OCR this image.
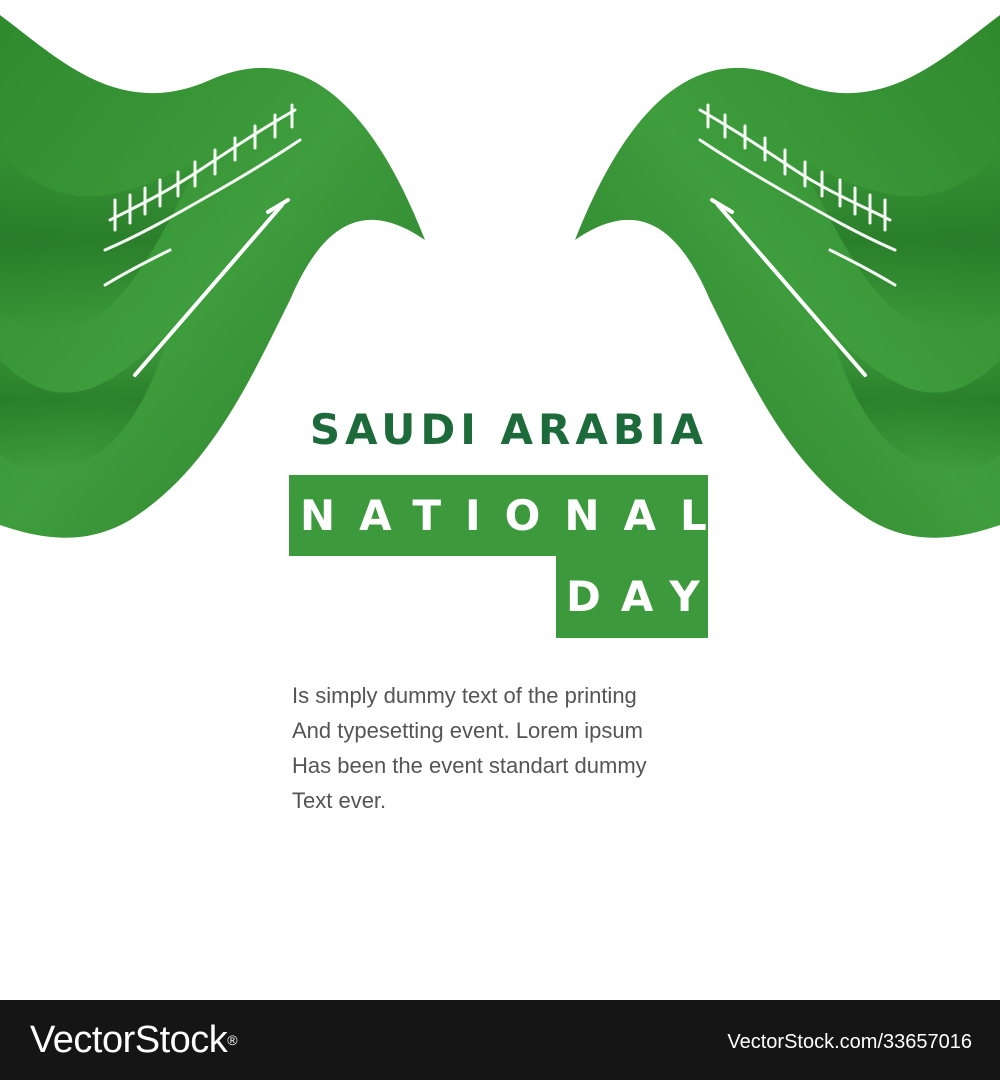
SAUDI ARABIA

NATIONAL

DAY

Is simply dummy text of the printing
And typesetting event. Lorem ipsum
Has been the event standart dummy
Text ever.
VectorStock®	VectorStock.com/33657016
